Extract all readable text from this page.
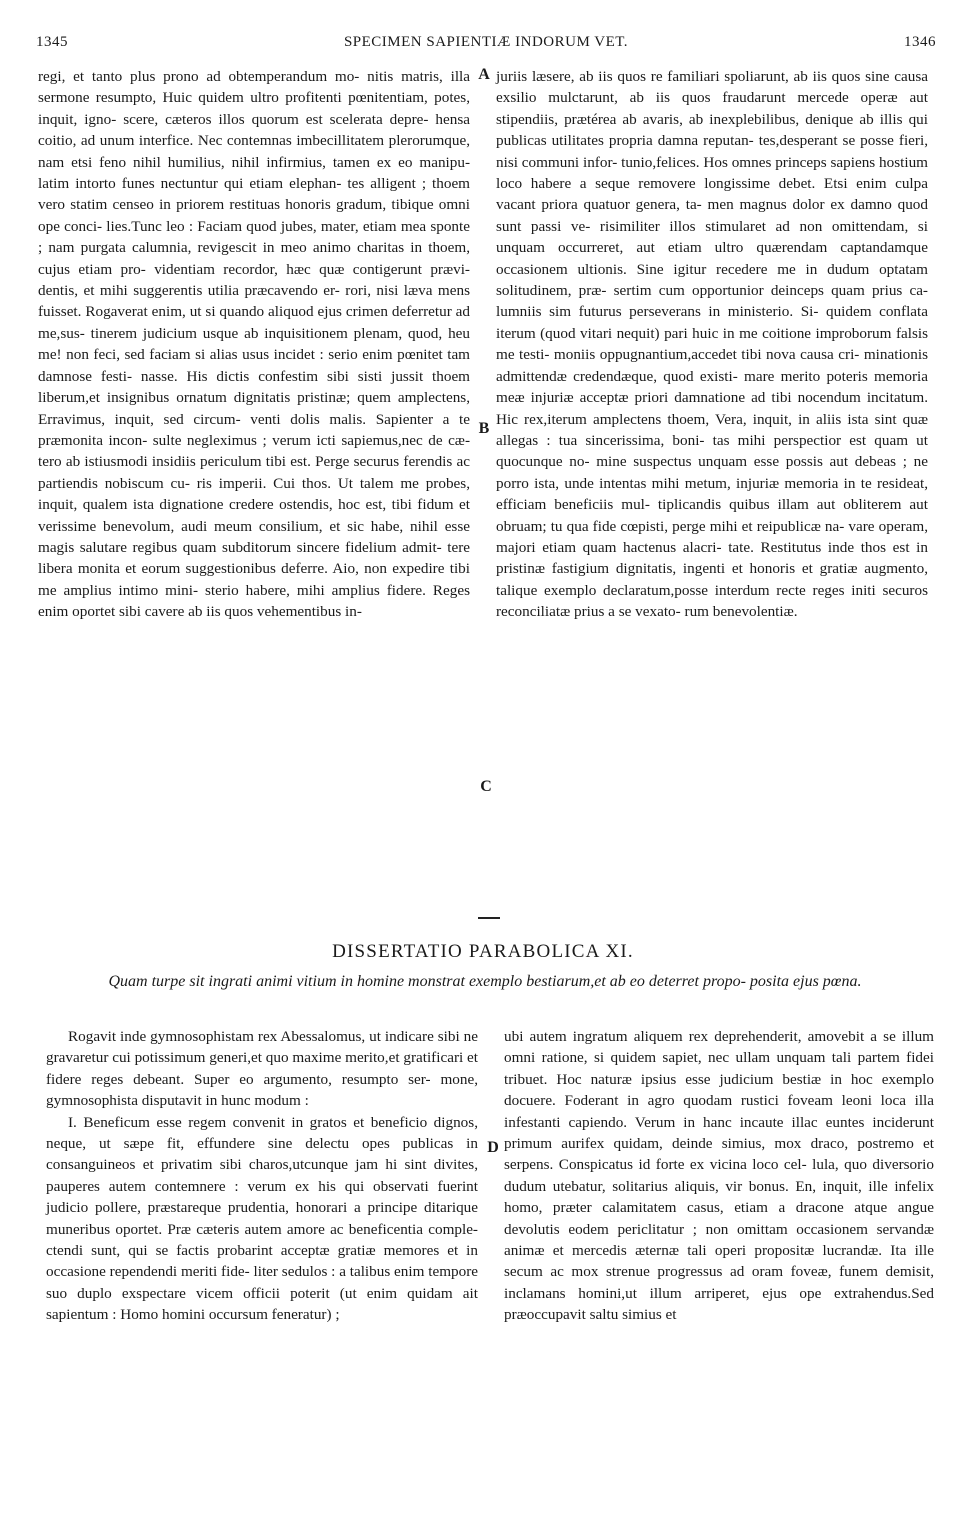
1345	SPECIMEN SAPIENTIÆ INDORUM VET.	1346

regi, et tanto plus prono ad obtemperandum mo- nitis matris, illa sermone resumpto, Huic quidem ultro profitenti pœnitentiam, potes, inquit, igno- scere, cæteros illos quorum est scelerata depre- hensa coitio, ad unum interfice. Nec contemnas imbecillitatem plerorumque, nam etsi feno nihil humilius, nihil infirmius, tamen ex eo manipu- latim intorto funes nectuntur qui etiam elephan- tes alligent ; thoem vero statim censeo in priorem restituas honoris gradum, tibique omni ope conci- lies.Tunc leo : Faciam quod jubes, mater, etiam mea sponte ; nam purgata calumnia, revigescit in meo animo charitas in thoem, cujus etiam pro- videntiam recordor, hæc quæ contigerunt prævi- dentis, et mihi suggerentis utilia præcavendo er- rori, nisi læva mens fuisset. Rogaverat enim, ut si quando aliquod ejus crimen deferretur ad me,sus- tinerem judicium usque ab inquisitionem plenam, quod, heu me! non feci, sed faciam si alias usus incidet : serio enim pœnitet tam damnose festi- nasse. His dictis confestim sibi sisti jussit thoem liberum,et insignibus ornatum dignitatis pristinæ; quem amplectens, Erravimus, inquit, sed circum- venti dolis malis. Sapienter a te præmonita incon- sulte negleximus ; verum icti sapiemus,nec de cæ- tero ab istiusmodi insidiis periculum tibi est. Perge securus ferendis ac partiendis nobiscum cu- ris imperii. Cui thos. Ut talem me probes, inquit, qualem ista dignatione credere ostendis, hoc est, tibi fidum et verissime benevolum, audi meum consilium, et sic habe, nihil esse magis salutare regibus quam subditorum sincere fidelium admit- tere libera monita et eorum suggestionibus deferre. Aio, non expedire tibi me amplius intimo mini- sterio habere, mihi amplius fidere. Reges enim oportet sibi cavere ab iis quos vehementibus in-

A
B
C

juriis læsere, ab iis quos re familiari spoliarunt, ab iis quos sine causa exsilio mulctarunt, ab iis quos fraudarunt mercede operæ aut stipendiis, prætérea ab avaris, ab inexplebilibus, denique ab illis qui publicas utilitates propria damna reputan- tes,desperant se posse fieri, nisi communi infor- tunio,felices. Hos omnes princeps sapiens hostium loco habere a seque removere longissime debet. Etsi enim culpa vacant priora quatuor genera, ta- men magnus dolor ex damno quod sunt passi ve- risimiliter illos stimularet ad non omittendam, si unquam occurreret, aut etiam ultro quærendam captandamque occasionem ultionis. Sine igitur recedere me in dudum optatam solitudinem, præ- sertim cum opportunior deinceps quam prius ca- lumniis sim futurus perseverans in ministerio. Si- quidem conflata iterum (quod vitari nequit) pari huic in me coitione improborum falsis me testi- moniis oppugnantium,accedet tibi nova causa cri- minationis admittendæ credendæque, quod existi- mare merito poteris memoria meæ injuriæ acceptæ priori damnatione ad tibi nocendum incitatum. Hic rex,iterum amplectens thoem, Vera, inquit, in aliis ista sint quæ allegas : tua sincerissima, boni- tas mihi perspectior est quam ut quocunque no- mine suspectus unquam esse possis aut debeas ; ne porro ista, unde intentas mihi metum, injuriæ memoria in te resideat, efficiam beneficiis mul- tiplicandis quibus illam aut obliterem aut obruam; tu qua fide cœpisti, perge mihi et reipublicæ na- vare operam, majori etiam quam hactenus alacri- tate. Restitutus inde thos est in pristinæ fastigium dignitatis, ingenti et honoris et gratiæ augmento, talique exemplo declaratum,posse interdum recte reges initi securos reconciliatæ prius a se vexato- rum benevolentiæ.

DISSERTATIO PARABOLICA XI.
Quam turpe sit ingrati animi vitium in homine monstrat exemplo bestiarum,et ab eo deterret propo- posita ejus pœna.

Rogavit inde gymnosophistam rex Abessalomus, ut indicare sibi ne gravaretur cui potissimum generi,et quo maxime merito,et gratificari et fidere reges debeant. Super eo argumento, resumpto ser- mone, gymnosophista disputavit in hunc modum :

I. Beneficum esse regem convenit in gratos et beneficio dignos, neque, ut sæpe fit, effundere sine delectu opes publicas in consanguineos et privatim sibi charos,utcunque jam hi sint divites, pauperes autem contemnere : verum ex his qui observati fuerint judicio pollere, præstareque prudentia, honorari a principe ditarique muneribus oportet. Præ cæteris autem amore ac beneficentia comple- ctendi sunt, qui se factis probarint acceptæ gratiæ memores et in occasione rependendi meriti fide- liter sedulos : a talibus enim tempore suo duplo exspectare vicem officii poterit (ut enim quidam ait sapientum : Homo homini occursum feneratur) ;

D

ubi autem ingratum aliquem rex deprehenderit, amovebit a se illum omni ratione, si quidem sapiet, nec ullam unquam tali partem fidei tribuet. Hoc naturæ ipsius esse judicium bestiæ in hoc exemplo docuere. Foderant in agro quodam rustici foveam leoni loca illa infestanti capiendo. Verum in hanc incaute illac euntes inciderunt primum aurifex quidam, deinde simius, mox draco, postremo et serpens. Conspicatus id forte ex vicina loco cel- lula, quo diversorio dudum utebatur, solitarius aliquis, vir bonus. En, inquit, ille infelix homo, præter calamitatem casus, etiam a dracone atque angue devolutis eodem periclitatur ; non omittam occasionem servandæ animæ et mercedis æternæ tali operi propositæ lucrandæ. Ita ille secum ac mox strenue progressus ad oram foveæ, funem demisit, inclamans homini,ut illum arriperet, ejus ope extrahendus.Sed præoccupavit saltu simius et
